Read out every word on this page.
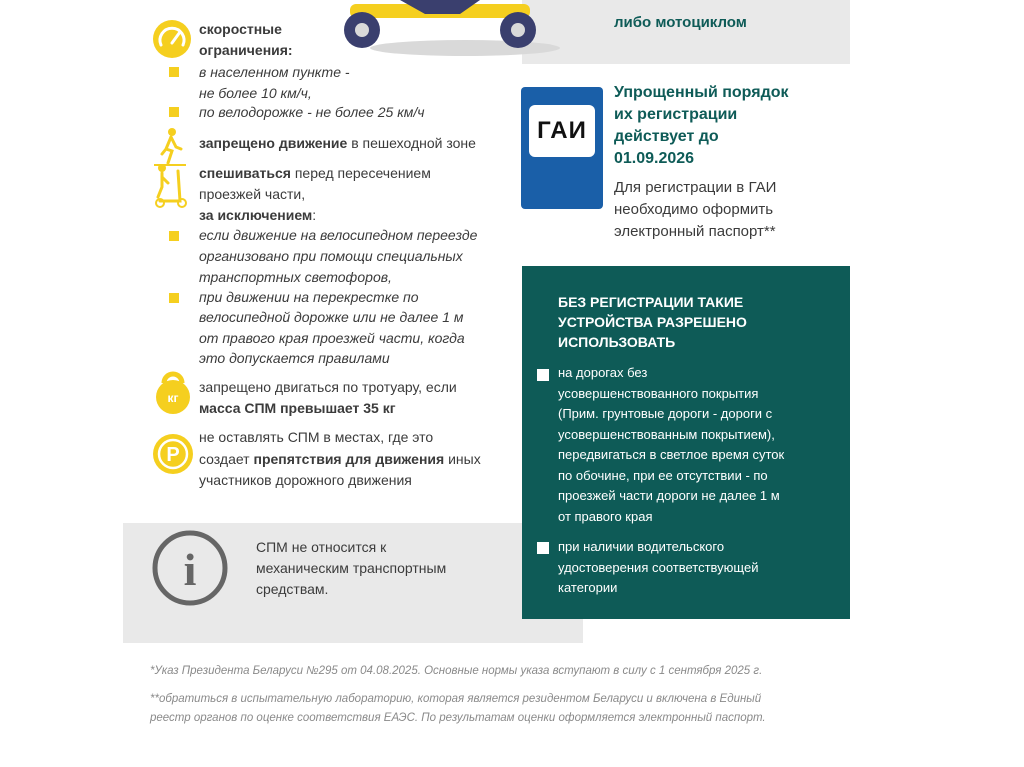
либо мотоциклом
скоростные
ограничения:
в населенном пункте -
не более 10 км/ч,
по велодорожке - не более 25 км/ч
запрещено движение в пешеходной зоне
спешиваться перед пересечением
проезжей части,
за исключением:
если движение на велосипедном переезде
организовано при помощи специальных
транспортных светофоров,
при движении на перекрестке по
велосипедной дорожке или не далее 1 м
от правого края проезжей части, когда
это допускается правилами
кг
запрещено двигаться по тротуару, если
масса СПМ превышает 35 кг
P
не оставлять СПМ в местах, где это
создает препятствия для движения иных
участников дорожного движения
i	СПМ не относится к
механическим транспортным
средствам.
ГАИ
Упрощенный порядок
их регистрации
действует до
01.09.2026
Для регистрации в ГАИ
необходимо оформить
электронный паспорт**
БЕЗ РЕГИСТРАЦИИ ТАКИЕ
УСТРОЙСТВА РАЗРЕШЕНО
ИСПОЛЬЗОВАТЬ
на дорогах без
усовершенствованного покрытия
(Прим. грунтовые дороги - дороги с
усовершенствованным покрытием),
передвигаться в светлое время суток
по обочине, при ее отсутствии - по
проезжей части дороги не далее 1 м
от правого края
при наличии водительского
удостоверения соответствующей
категории
*Указ Президента Беларуси №295 от 04.08.2025. Основные нормы указа вступают в силу с 1 сентября 2025 г.
**обратиться в испытательную лабораторию, которая является резидентом Беларуси и включена в Единый
реестр органов по оценке соответствия ЕАЭС. По результатам оценки оформляется электронный паспорт.
